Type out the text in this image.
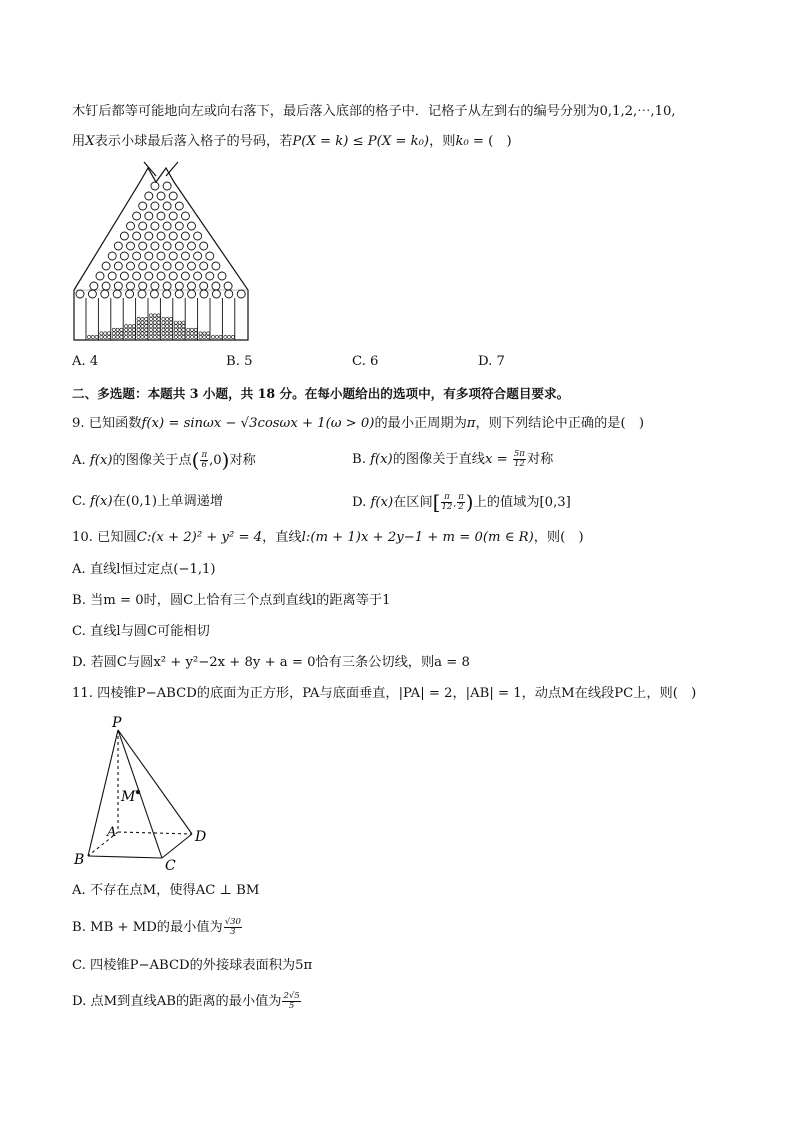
木钉后都等可能地向左或向右落下，最后落入底部的格子中．记格子从左到右的编号分别为0,1,2,⋯,10,
用X表示小球最后落入格子的号码，若P(X = k) ≤ P(X = k₀)，则k₀ = (　)
A. 4	B. 5	C. 6	D. 7
二、多选题：本题共 3 小题，共 18 分。在每小题给出的选项中，有多项符合题目要求。
9. 已知函数f(x) = sinωx − √3cosωx + 1(ω > 0)的最小正周期为π，则下列结论中正确的是(　)
A. f(x)的图像关于点( $\frac{\pi}{6} ,0$)对称	B. f(x)的图像关于直线$x = \frac{5\pi}{12}$ 对称
C. f(x)在(0,1)上单调递增	D. f(x)在区间[ $\frac{\pi}{12}$ , $\frac{\pi}{2}$ )上的值域为[0,3]
10. 已知圆C:(x + 2)² + y² = 4，直线l:(m + 1)x + 2y−1 + m = 0(m ∈ R)，则(　)
A. 直线l恒过定点(−1,1)
B. 当m = 0时，圆C上恰有三个点到直线l的距离等于1
C. 直线l与圆C可能相切
D. 若圆C与圆x² + y²−2x + 8y + a = 0恰有三条公切线，则a = 8
11. 四棱锥P−ABCD的底面为正方形，PA与底面垂直，|PA| = 2，|AB| = 1，动点M在线段PC上，则(　)
P
M
A
B	C
D
A. 不存在点M，使得AC ⊥ BM
B. MB + MD的最小值为 $\frac{√30}{3}$
C. 四棱锥P−ABCD的外接球表面积为5π
D. 点M到直线AB的距离的最小值为 $\frac{2√5}{5}$
